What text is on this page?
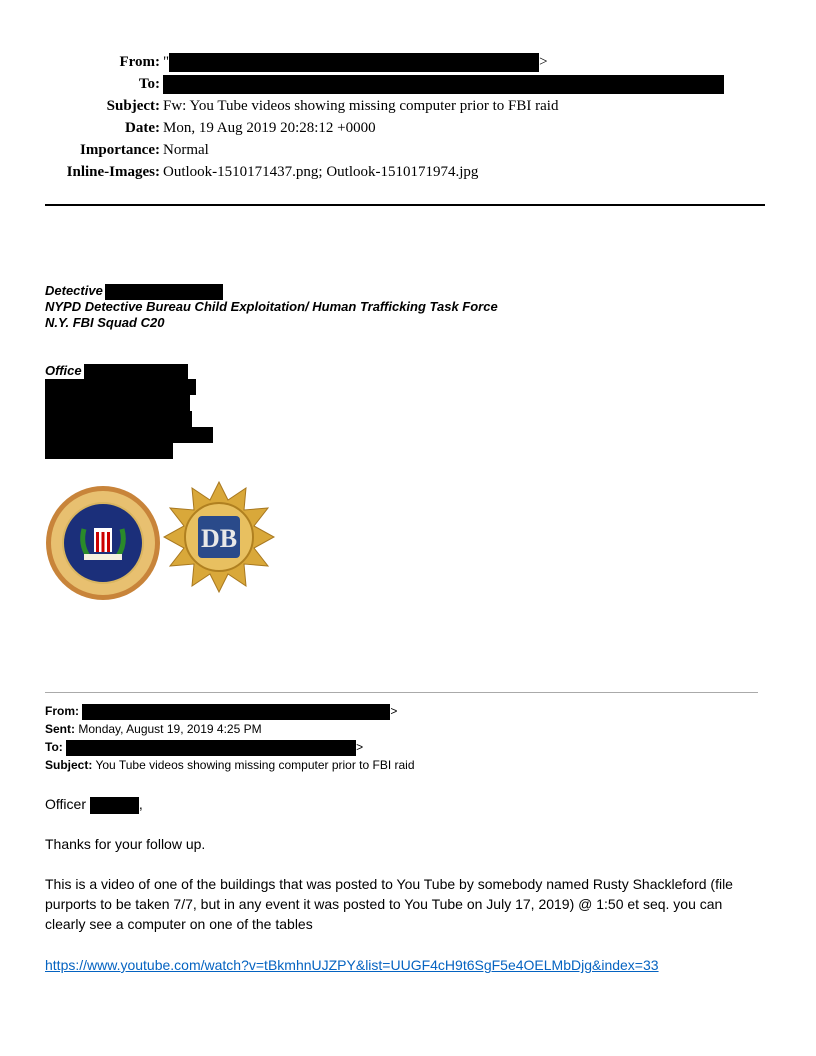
From: "	>
To:
Subject: Fw: You Tube videos showing missing computer prior to FBI raid
Date: Mon, 19 Aug 2019 20:28:12 +0000
Importance: Normal
Inline-Images: Outlook-1510171437.png; Outlook-1510171974.jpg
Detective
NYPD Detective Bureau Child Exploitation/ Human Trafficking Task Force
N.Y. FBI Squad C20
Office
DB
From:	>
Sent: Monday, August 19, 2019 4:25 PM
To:	>
Subject: You Tube videos showing missing computer prior to FBI raid
Officer	,
Thanks for your follow up.
This is a video of one of the buildings that was posted to You Tube by somebody named Rusty Shackleford (file
purports to be taken 7/7, but in any event it was posted to You Tube on July 17, 2019) @ 1:50 et seq. you can
clearly see a computer on one of the tables
https://www.youtube.com/watch?v=tBkmhnUJZPY&list=UUGF4cH9t6SgF5e4OELMbDjg&index=33
